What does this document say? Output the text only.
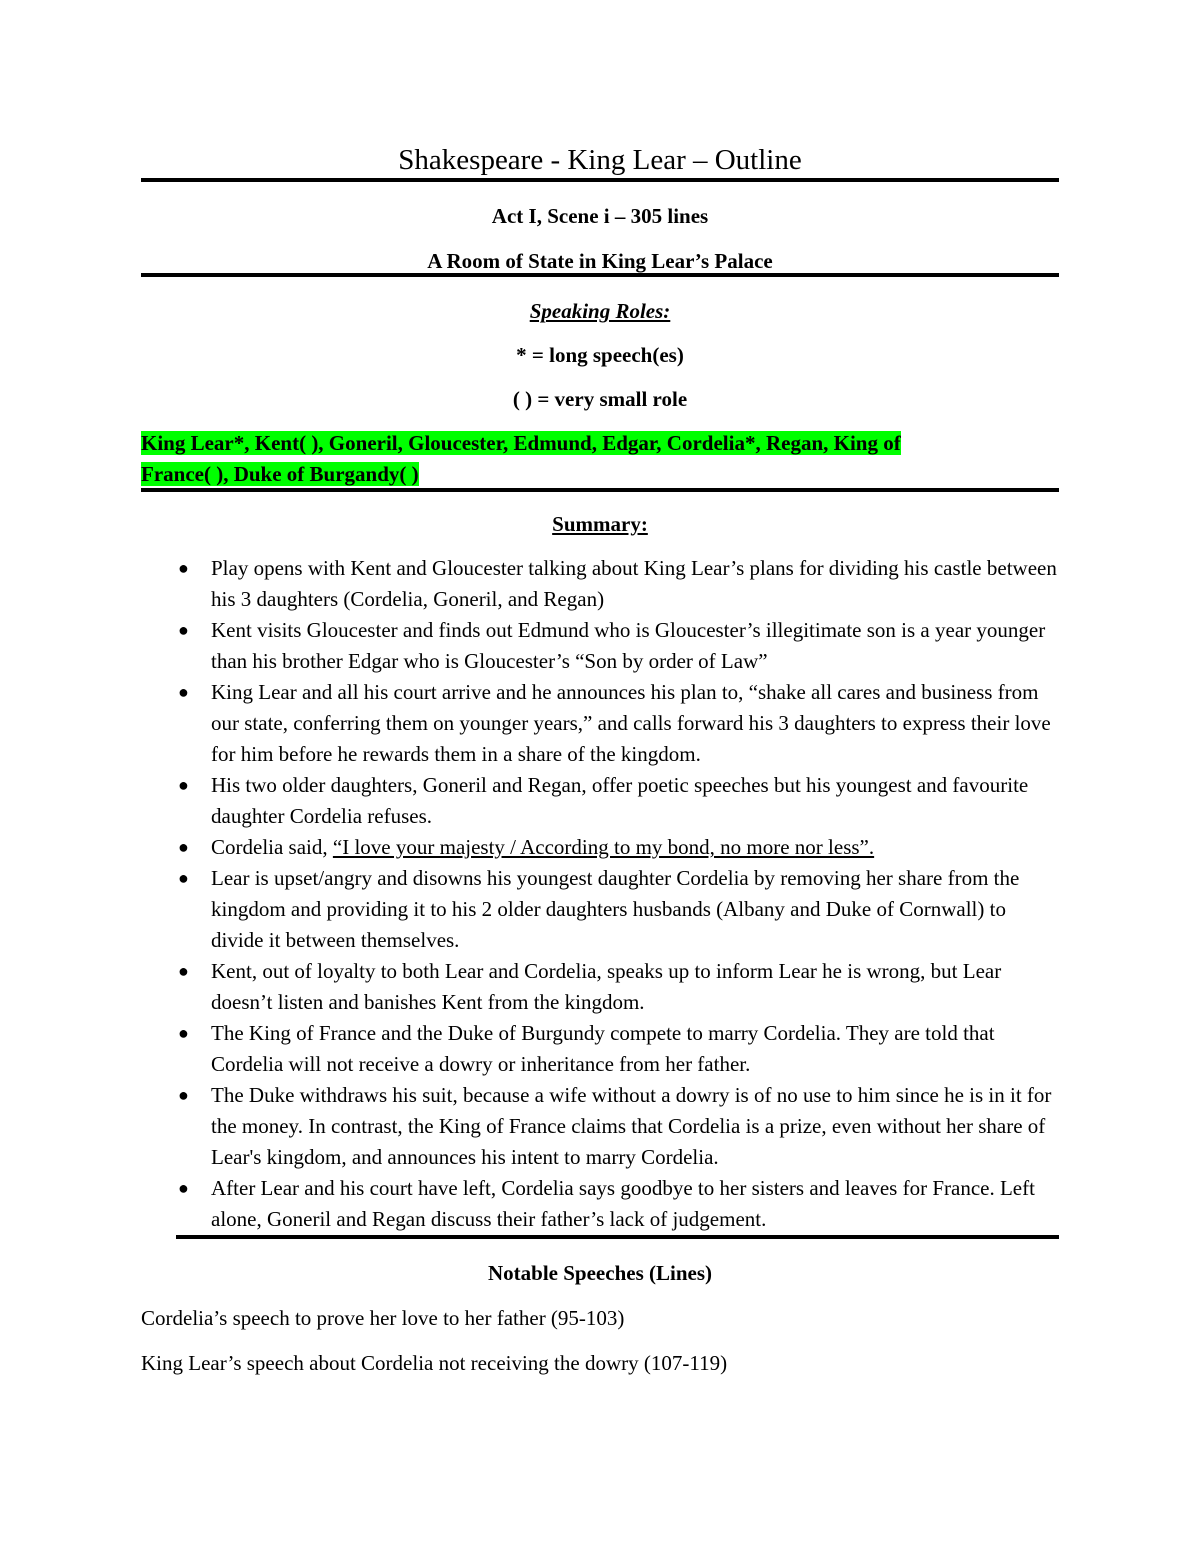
Shakespeare - King Lear – Outline
Act I, Scene i – 305 lines
A Room of State in King Lear’s Palace
Speaking Roles:
* = long speech(es)
( ) = very small role
King Lear*, Kent( ), Goneril, Gloucester, Edmund, Edgar, Cordelia*, Regan, King of
France( ), Duke of Burgandy( )
Summary:
● Play opens with Kent and Gloucester talking about King Lear’s plans for dividing his castle between his 3 daughters (Cordelia, Goneril, and Regan)
● Kent visits Gloucester and finds out Edmund who is Gloucester’s illegitimate son is a year younger than his brother Edgar who is Gloucester’s “Son by order of Law”
● King Lear and all his court arrive and he announces his plan to, “shake all cares and business from our state, conferring them on younger years,” and calls forward his 3 daughters to express their love for him before he rewards them in a share of the kingdom.
● His two older daughters, Goneril and Regan, offer poetic speeches but his youngest and favourite daughter Cordelia refuses.
● Cordelia said, “I love your majesty / According to my bond, no more nor less”.
● Lear is upset/angry and disowns his youngest daughter Cordelia by removing her share from the kingdom and providing it to his 2 older daughters husbands (Albany and Duke of Cornwall) to divide it between themselves.
● Kent, out of loyalty to both Lear and Cordelia, speaks up to inform Lear he is wrong, but Lear doesn’t listen and banishes Kent from the kingdom.
● The King of France and the Duke of Burgundy compete to marry Cordelia. They are told that Cordelia will not receive a dowry or inheritance from her father.
● The Duke withdraws his suit, because a wife without a dowry is of no use to him since he is in it for the money. In contrast, the King of France claims that Cordelia is a prize, even without her share of Lear's kingdom, and announces his intent to marry Cordelia.
● After Lear and his court have left, Cordelia says goodbye to her sisters and leaves for France. Left alone, Goneril and Regan discuss their father’s lack of judgement.
Notable Speeches (Lines)
Cordelia’s speech to prove her love to her father (95-103)
King Lear’s speech about Cordelia not receiving the dowry (107-119)
